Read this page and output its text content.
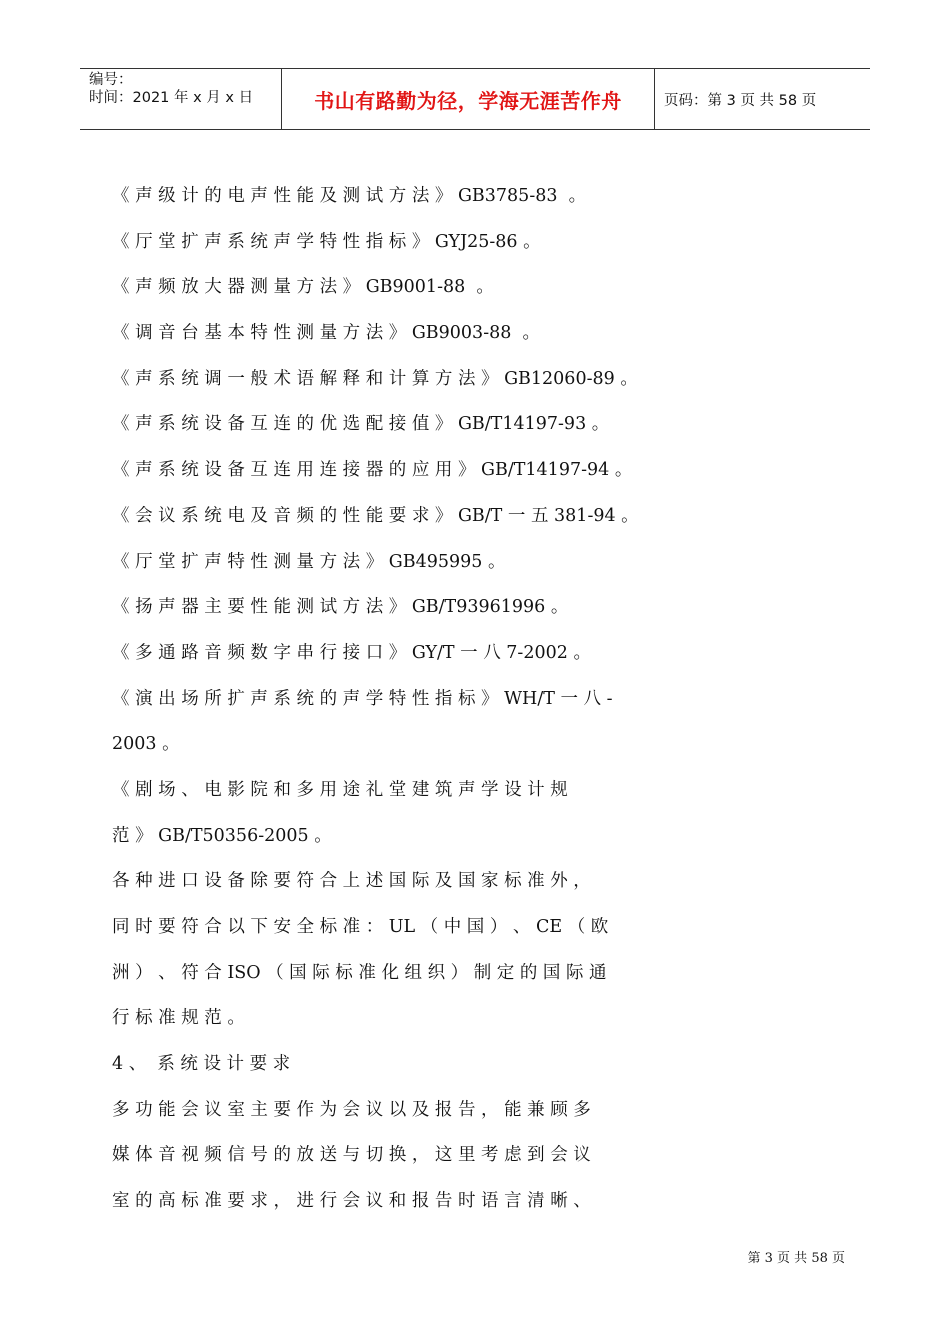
编号：
时间：2021 年 x 月 x 日	书山有路勤为径，学海无涯苦作舟	页码：第 3 页 共 58 页
《 声 级 计 的 电 声 性 能 及 测 试 方 法 》 GB3785-83  。
《 厅 堂 扩 声 系 统 声 学 特 性 指 标 》 GYJ25-86 。
《 声 频 放 大 器 测 量 方 法 》 GB9001-88  。
《 调 音 台 基 本 特 性 测 量 方 法 》 GB9003-88  。
《 声 系 统 调 一 般 术 语 解 释 和 计 算 方 法 》 GB12060-89 。
《 声 系 统 设 备 互 连 的 优 选 配 接 值 》 GB/T14197-93 。
《 声 系 统 设 备 互 连 用 连 接 器 的 应 用 》 GB/T14197-94 。
《 会 议 系 统 电 及 音 频 的 性 能 要 求 》 GB/T 一 五 381-94 。
《 厅 堂 扩 声 特 性 测 量 方 法 》 GB495995 。
《 扬 声 器 主 要 性 能 测 试 方 法 》 GB/T93961996 。
《 多 通 路 音 频 数 字 串 行 接 口 》 GY/T 一 八 7-2002 。
《 演 出 场 所 扩 声 系 统 的 声 学 特 性 指 标 》 WH/T 一 八 -
2003 。
《 剧 场 、 电 影 院 和 多 用 途 礼 堂 建 筑 声 学 设 计 规
范 》 GB/T50356-2005 。
各 种 进 口 设 备 除 要 符 合 上 述 国 际 及 国 家 标 准 外 ，
同 时 要 符 合 以 下 安 全 标 准 ： UL （ 中 国 ） 、 CE （ 欧
洲 ） 、 符 合 ISO （ 国 际 标 准 化 组 织 ） 制 定 的 国 际 通
行 标 准 规 范 。
4 、  系 统 设 计 要 求
多 功 能 会 议 室 主 要 作 为 会 议 以 及 报 告 ， 能 兼 顾 多
媒 体 音 视 频 信 号 的 放 送 与 切 换 ， 这 里 考 虑 到 会 议
室 的 高 标 准 要 求 ， 进 行 会 议 和 报 告 时 语 言 清 晰 、
第 3 页 共 58 页
